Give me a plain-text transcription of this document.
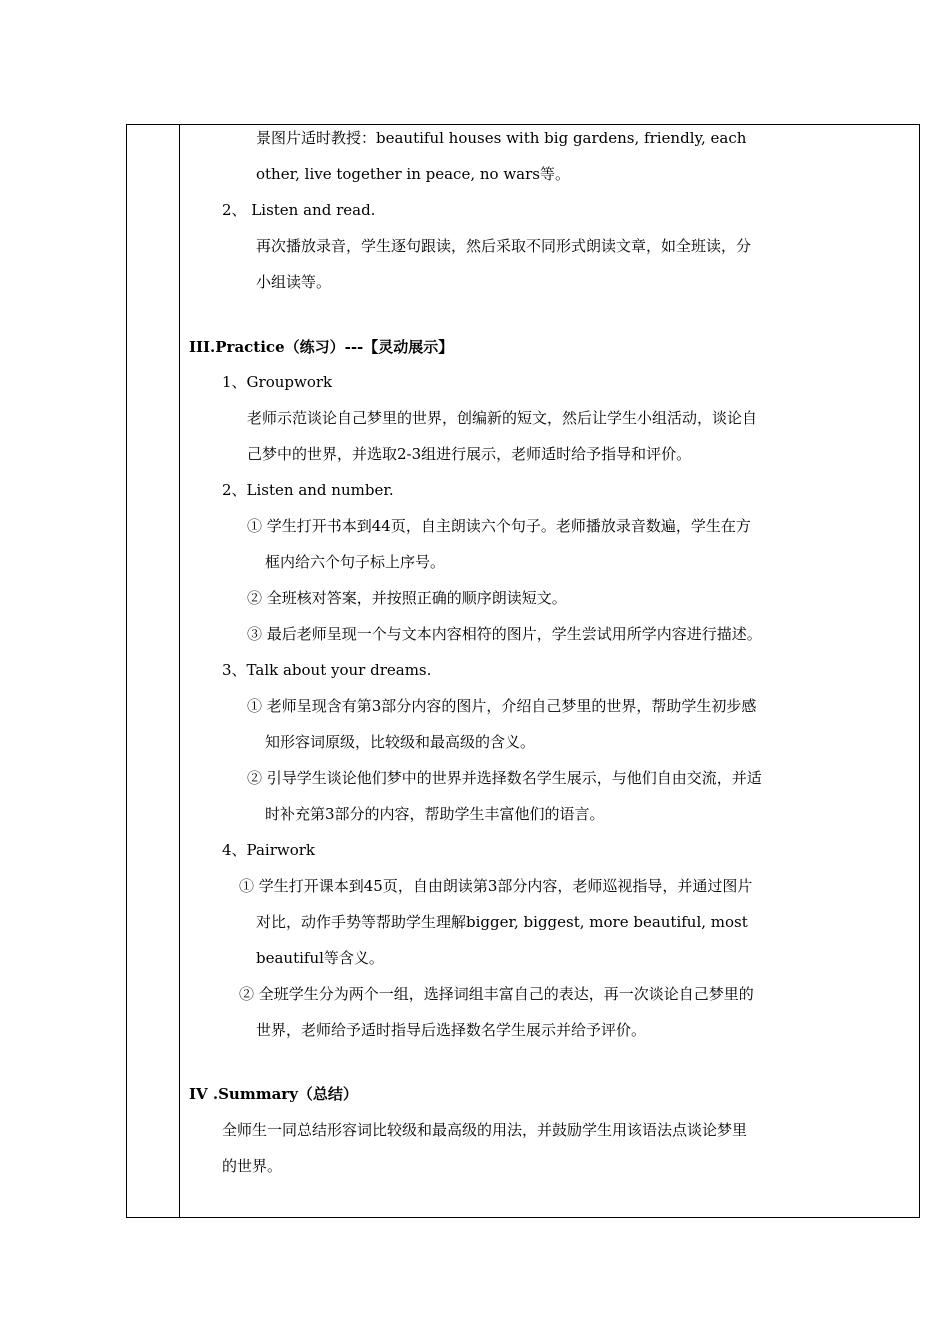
景图片适时教授：beautiful houses with big gardens, friendly, each
other, live together in peace, no wars等。
2、 Listen and read.
再次播放录音，学生逐句跟读，然后采取不同形式朗读文章，如全班读，分
小组读等。
III.Practice（练习）---【灵动展示】
1、Groupwork
老师示范谈论自己梦里的世界，创编新的短文，然后让学生小组活动，谈论自
己梦中的世界，并选取2-3组进行展示，老师适时给予指导和评价。
2、Listen and number.
① 学生打开书本到44页，自主朗读六个句子。老师播放录音数遍，学生在方
框内给六个句子标上序号。
② 全班核对答案，并按照正确的顺序朗读短文。
③ 最后老师呈现一个与文本内容相符的图片，学生尝试用所学内容进行描述。
3、Talk about your dreams.
① 老师呈现含有第3部分内容的图片，介绍自己梦里的世界，帮助学生初步感
知形容词原级，比较级和最高级的含义。
② 引导学生谈论他们梦中的世界并选择数名学生展示，与他们自由交流，并适
时补充第3部分的内容，帮助学生丰富他们的语言。
4、Pairwork
① 学生打开课本到45页，自由朗读第3部分内容，老师巡视指导，并通过图片
对比，动作手势等帮助学生理解bigger, biggest, more beautiful, most
beautiful等含义。
② 全班学生分为两个一组，选择词组丰富自己的表达，再一次谈论自己梦里的
世界，老师给予适时指导后选择数名学生展示并给予评价。
IV .Summary（总结）
全师生一同总结形容词比较级和最高级的用法，并鼓励学生用该语法点谈论梦里
的世界。
